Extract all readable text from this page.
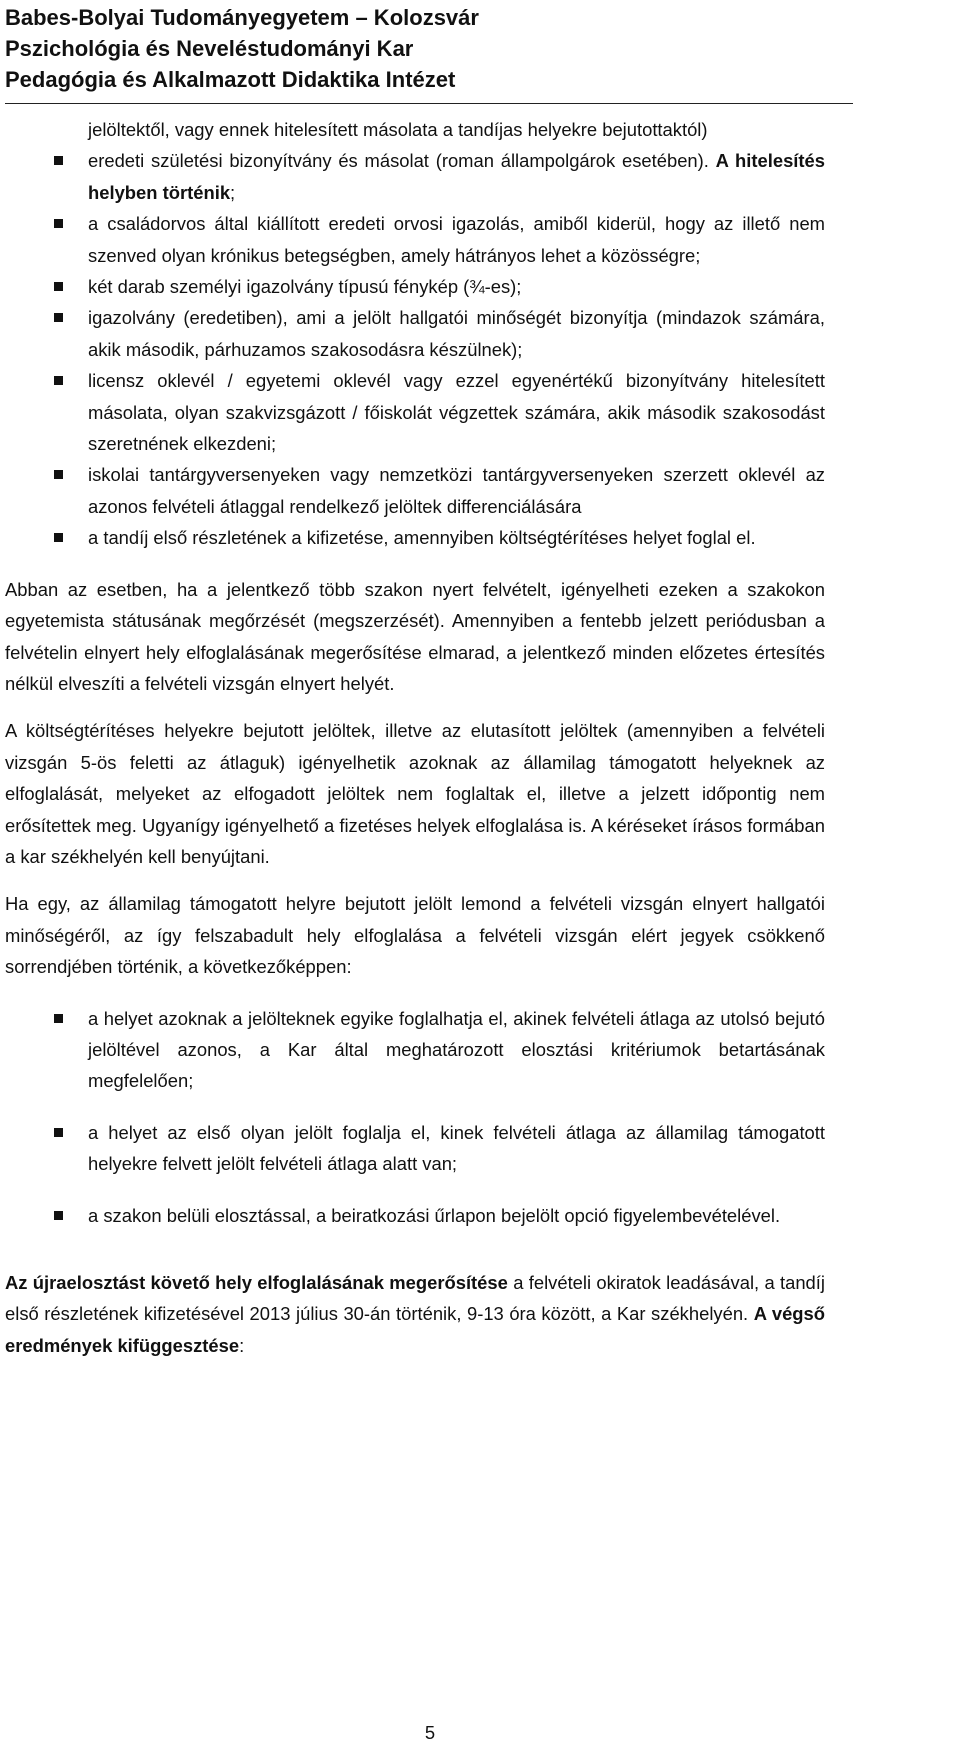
Babes-Bolyai Tudományegyetem – Kolozsvár
Pszichológia és Neveléstudományi Kar
Pedagógia és Alkalmazott Didaktika Intézet
jelöltektől, vagy ennek hitelesített másolata a tandíjas helyekre bejutottaktól)
eredeti születési bizonyítvány és másolat (roman állampolgárok esetében). A hitelesítés helyben történik;
a családorvos által kiállított eredeti orvosi igazolás, amiből kiderül, hogy az illető nem szenved olyan krónikus betegségben, amely hátrányos lehet a közösségre;
két darab személyi igazolvány típusú fénykép (¾-es);
igazolvány (eredetiben), ami a jelölt hallgatói minőségét bizonyítja (mindazok számára, akik második, párhuzamos szakosodásra készülnek);
licensz oklevél / egyetemi oklevél vagy ezzel egyenértékű bizonyítvány hitelesített másolata, olyan szakvizsgázott / főiskolát végzettek számára, akik második szakosodást szeretnének elkezdeni;
iskolai tantárgyversenyeken vagy nemzetközi tantárgyversenyeken szerzett oklevél az azonos felvételi átlaggal rendelkező jelöltek differenciálására
a tandíj első részletének a kifizetése, amennyiben költségtérítéses helyet foglal el.

Abban az esetben, ha a jelentkező több szakon nyert felvételt, igényelheti ezeken a szakokon egyetemista státusának megőrzését (megszerzését). Amennyiben a fentebb jelzett periódusban a felvételin elnyert hely elfoglalásának megerősítése elmarad, a jelentkező minden előzetes értesítés nélkül elveszíti a felvételi vizsgán elnyert helyét.

A költségtérítéses helyekre bejutott jelöltek, illetve az elutasított jelöltek (amennyiben a felvételi vizsgán 5-ös feletti az átlaguk) igényelhetik azoknak az államilag támogatott helyeknek az elfoglalását, melyeket az elfogadott jelöltek nem foglaltak el, illetve a jelzett időpontig nem erősítettek meg. Ugyanígy igényelhető a fizetéses helyek elfoglalása is. A kéréseket írásos formában a kar székhelyén kell benyújtani.

Ha egy, az államilag támogatott helyre bejutott jelölt lemond a felvételi vizsgán elnyert hallgatói minőségéről, az így felszabadult hely elfoglalása a felvételi vizsgán elért jegyek csökkenő sorrendjében történik, a következőképpen:

a helyet azoknak a jelölteknek egyike foglalhatja el, akinek felvételi átlaga az utolsó bejutó jelöltével azonos, a Kar által meghatározott elosztási kritériumok betartásának megfelelően;
a helyet az első olyan jelölt foglalja el, kinek felvételi átlaga az államilag támogatott helyekre felvett jelölt felvételi átlaga alatt van;
a szakon belüli elosztással, a beiratkozási űrlapon bejelölt opció figyelembevételével.

Az újraelosztást követő hely elfoglalásának megerősítése a felvételi okiratok leadásával, a tandíj első részletének kifizetésével 2013 július 30-án történik, 9-13 óra között, a Kar székhelyén. A végső eredmények kifüggesztése:

5
